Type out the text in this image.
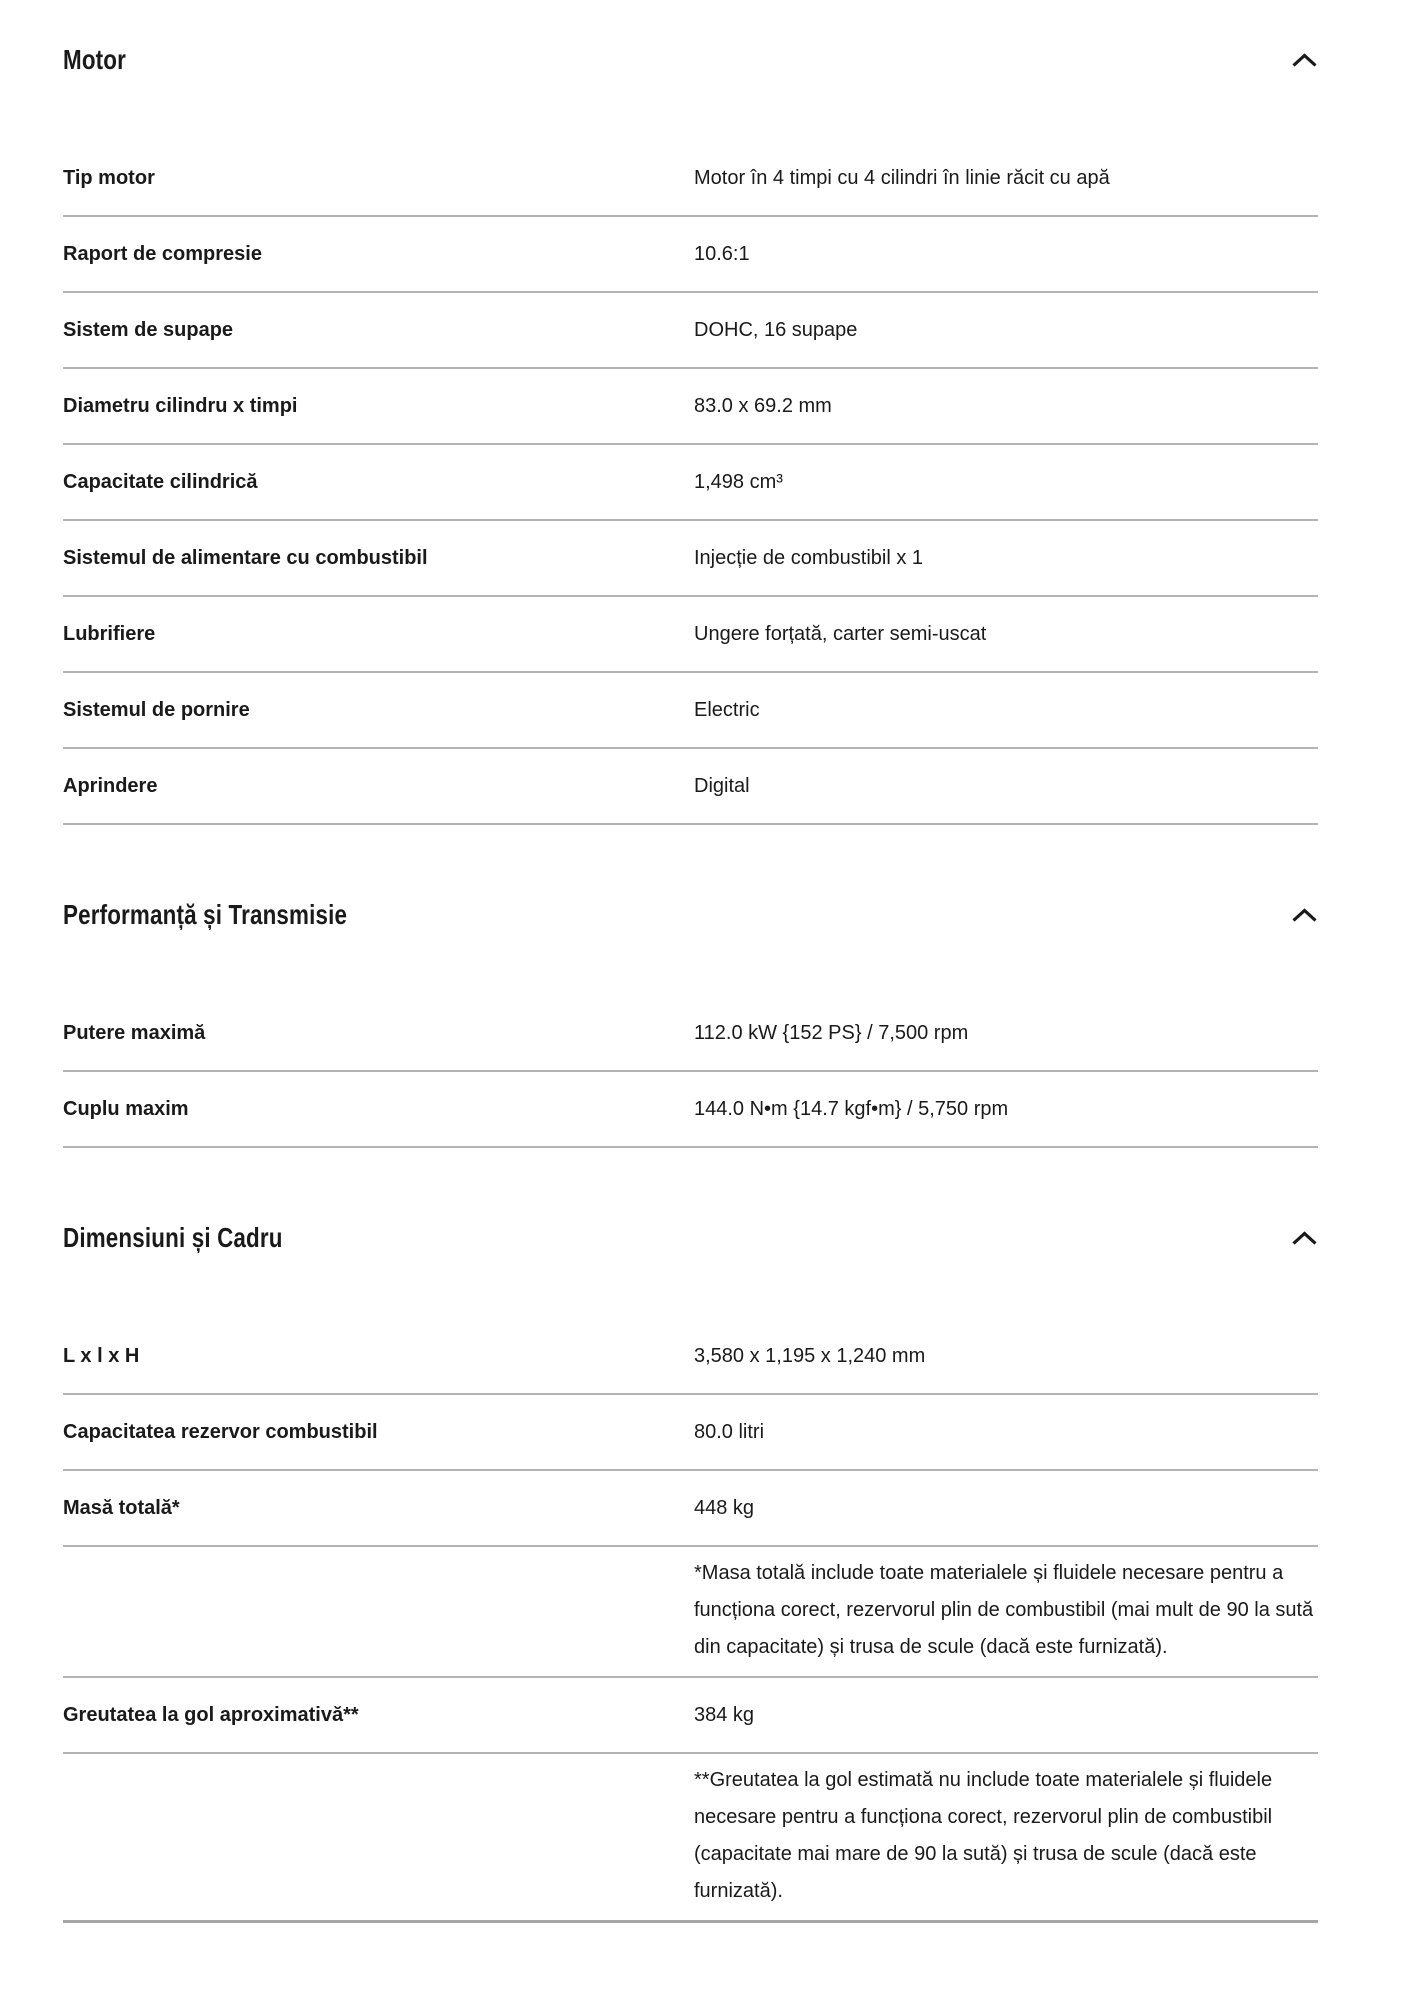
Motor
Tip motor	Motor în 4 timpi cu 4 cilindri în linie răcit cu apă
Raport de compresie	10.6:1
Sistem de supape	DOHC, 16 supape
Diametru cilindru x timpi	83.0 x 69.2 mm
Capacitate cilindrică	1,498 cm³
Sistemul de alimentare cu combustibil	Injecție de combustibil x 1
Lubrifiere	Ungere forțată, carter semi-uscat
Sistemul de pornire	Electric
Aprindere	Digital
Performanță și Transmisie
Putere maximă	112.0 kW {152 PS} / 7,500 rpm
Cuplu maxim	144.0 N•m {14.7 kgf•m} / 5,750 rpm
Dimensiuni și Cadru
L x l x H	3,580 x 1,195 x 1,240 mm
Capacitatea rezervor combustibil	80.0 litri
Masă totală*	448 kg
*Masa totală include toate materialele și fluidele necesare pentru a funcționa corect, rezervorul plin de combustibil (mai mult de 90 la sută din capacitate) și trusa de scule (dacă este furnizată).
Greutatea la gol aproximativă**	384 kg
**Greutatea la gol estimată nu include toate materialele și fluidele necesare pentru a funcționa corect, rezervorul plin de combustibil (capacitate mai mare de 90 la sută) și trusa de scule (dacă este furnizată).
